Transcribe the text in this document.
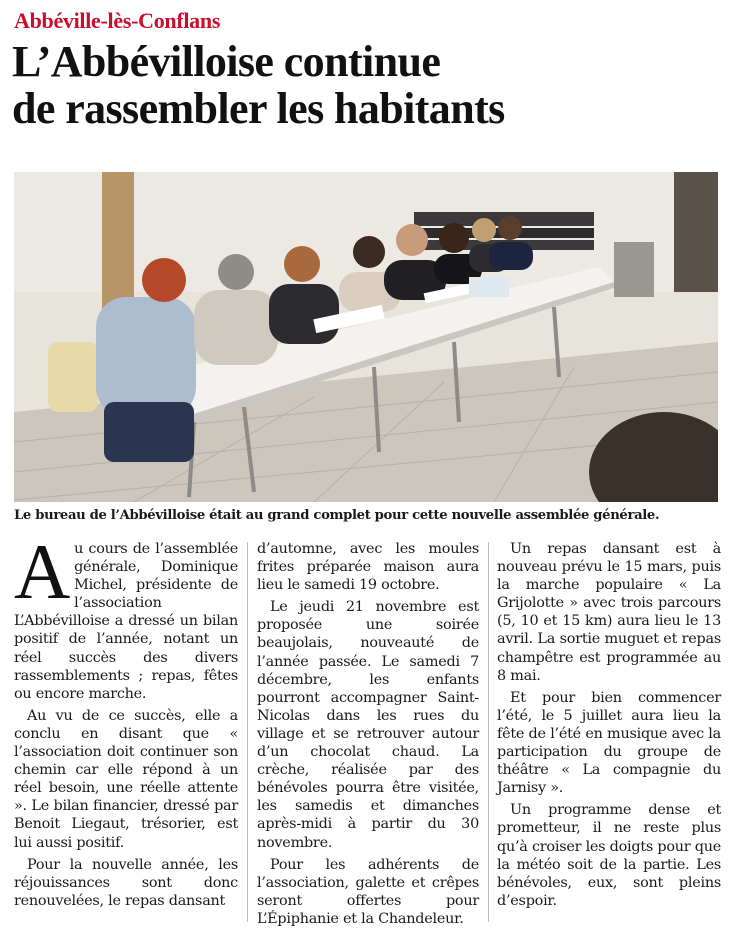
Abbéville-lès-Conflans
L’Abbévilloise continue
de rassembler les habitants
Le bureau de l’Abbévilloise était au grand complet pour cette nouvelle assemblée générale.

Au cours de l’assemblée générale, Dominique Michel, présidente de l’association L’Abbévilloise a dressé un bilan positif de l’année, notant un réel succès des divers rassemblements ; repas, fêtes ou encore marche.

Au vu de ce succès, elle a conclu en disant que « l’association doit continuer son chemin car elle répond à un réel besoin, une réelle attente ». Le bilan financier, dressé par Benoit Liegaut, trésorier, est lui aussi positif.

Pour la nouvelle année, les réjouissances sont donc renouvelées, le repas dansant

d’automne, avec les moules frites préparée maison aura lieu le samedi 19 octobre.

Le jeudi 21 novembre est proposée une soirée beaujolais, nouveauté de l’année passée. Le samedi 7 décembre, les enfants pourront accompagner Saint-Nicolas dans les rues du village et se retrouver autour d’un chocolat chaud. La crèche, réalisée par des bénévoles pourra être visitée, les samedis et dimanches après-midi à partir du 30 novembre.

Pour les adhérents de l’association, galette et crêpes seront offertes pour L’Épiphanie et la Chandeleur.

Un repas dansant est à nouveau prévu le 15 mars, puis la marche populaire « La Grijolotte » avec trois parcours (5, 10 et 15 km) aura lieu le 13 avril. La sortie muguet et repas champêtre est programmée au 8 mai.

Et pour bien commencer l’été, le 5 juillet aura lieu la fête de l’été en musique avec la participation du groupe de théâtre « La compagnie du Jarnisy ».

Un programme dense et prometteur, il ne reste plus qu’à croiser les doigts pour que la météo soit de la partie. Les bénévoles, eux, sont pleins d’espoir.
